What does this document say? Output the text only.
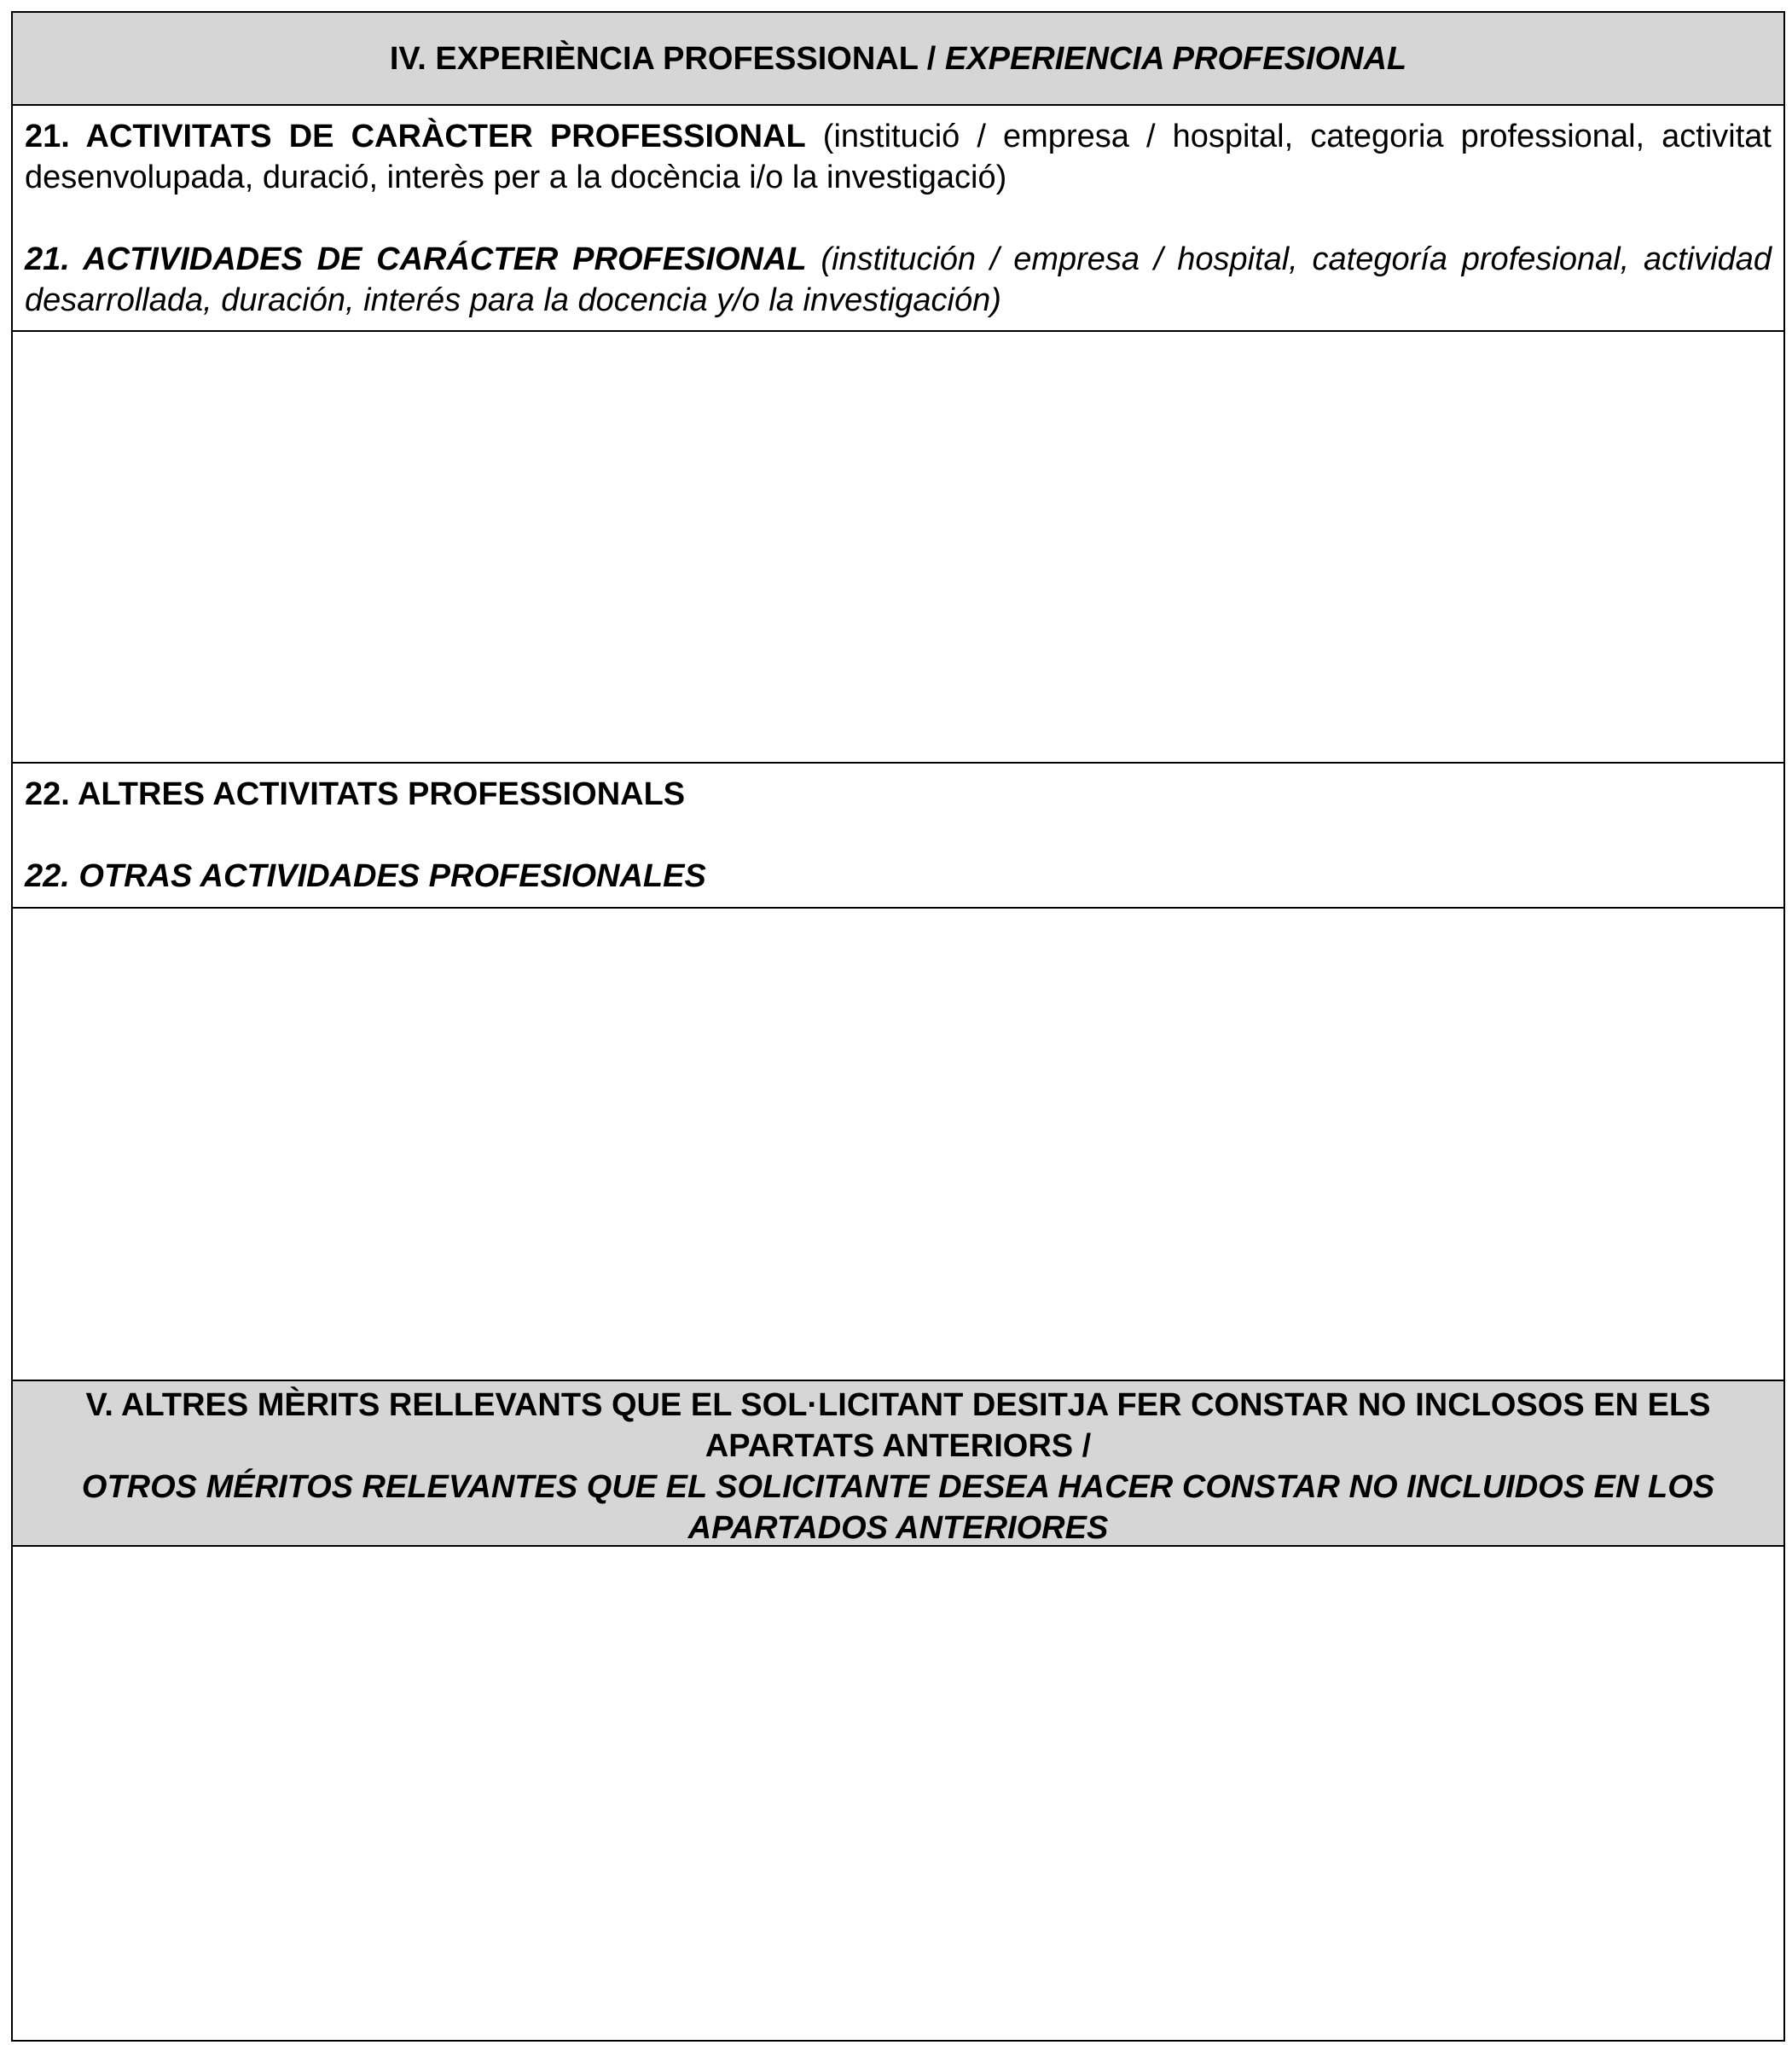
IV. EXPERIÈNCIA PROFESSIONAL / EXPERIENCIA PROFESIONAL

21. ACTIVITATS DE CARÀCTER PROFESSIONAL (institució / empresa / hospital, categoria professional, activitat desenvolupada, duració, interès per a la docència i/o la investigació)

21. ACTIVIDADES DE CARÁCTER PROFESIONAL (institución / empresa / hospital, categoría profesional, actividad desarrollada, duración, interés para la docencia y/o la investigación)

22. ALTRES ACTIVITATS PROFESSIONALS

22. OTRAS ACTIVIDADES PROFESIONALES

V. ALTRES MÈRITS RELLEVANTS QUE EL SOL·LICITANT DESITJA FER CONSTAR NO INCLOSOS EN ELS APARTATS ANTERIORS /
OTROS MÉRITOS RELEVANTES QUE EL SOLICITANTE DESEA HACER CONSTAR NO INCLUIDOS EN LOS APARTADOS ANTERIORES
